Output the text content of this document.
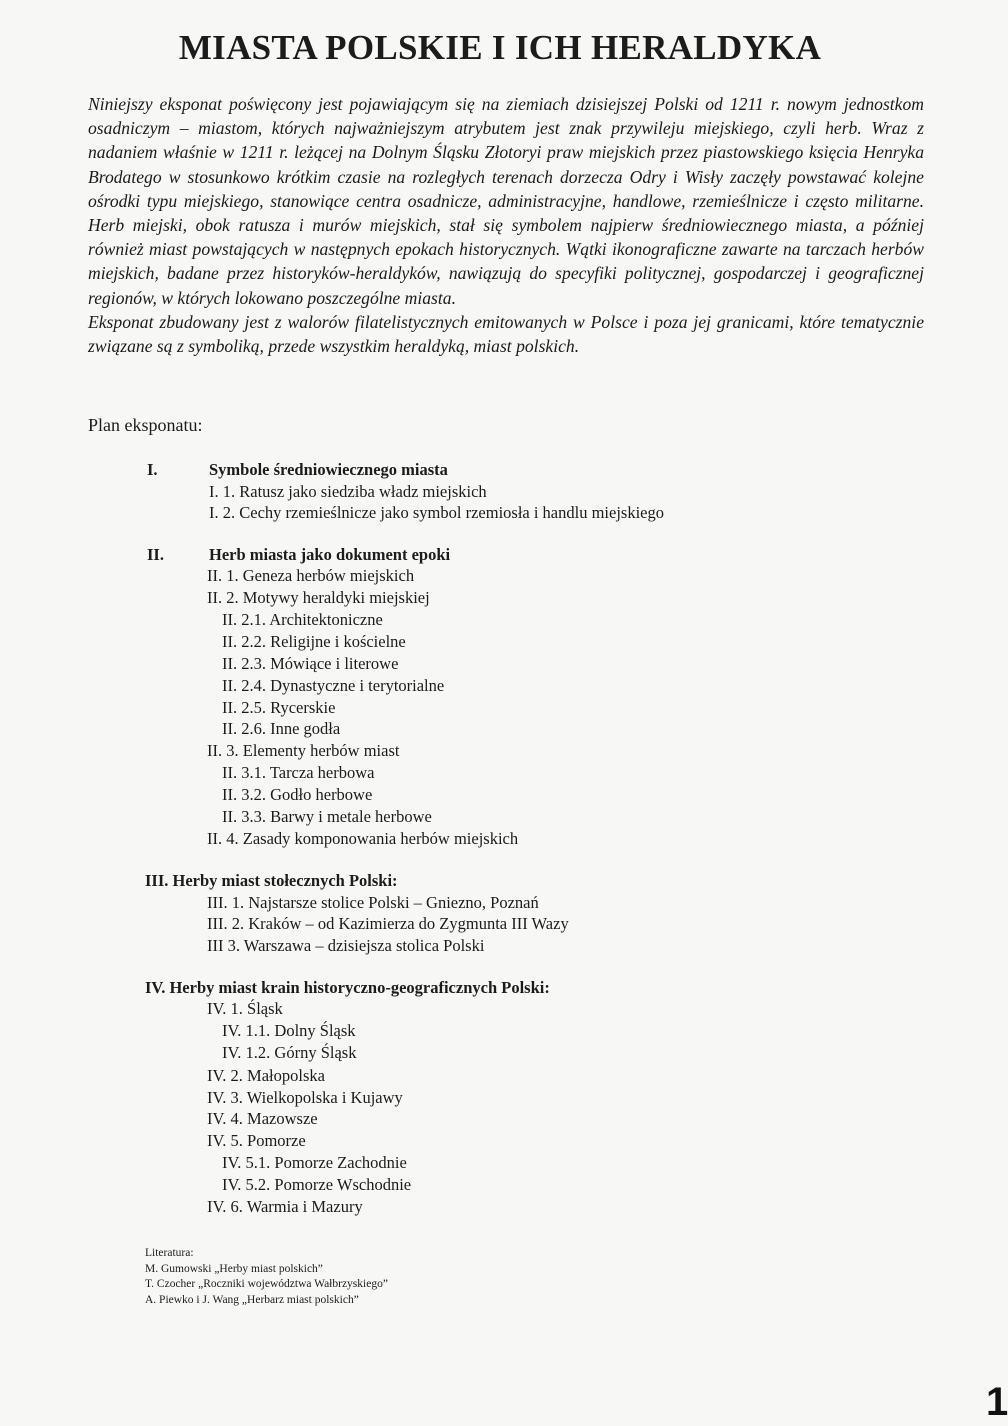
MIASTA POLSKIE I ICH HERALDYKA

Niniejszy eksponat poświęcony jest pojawiającym się na ziemiach dzisiejszej Polski od 1211 r. nowym jednostkom osadniczym – miastom, których najważniejszym atrybutem jest znak przywileju miejskiego, czyli herb. Wraz z nadaniem właśnie w 1211 r. leżącej na Dolnym Śląsku Złotoryi praw miejskich przez piastowskiego księcia Henryka Brodatego w stosunkowo krótkim czasie na rozległych terenach dorzecza Odry i Wisły zaczęły powstawać kolejne ośrodki typu miejskiego, stanowiące centra osadnicze, administracyjne, handlowe, rzemieślnicze i często militarne. Herb miejski, obok ratusza i murów miejskich, stał się symbolem najpierw średniowiecznego miasta, a później również miast powstających w następnych epokach historycznych. Wątki ikonograficzne zawarte na tarczach herbów miejskich, badane przez historyków-heraldyków, nawiązują do specyfiki politycznej, gospodarczej i geograficznej regionów, w których lokowano poszczególne miasta.

Eksponat zbudowany jest z walorów filatelistycznych emitowanych w Polsce i poza jej granicami, które tematycznie związane są z symboliką, przede wszystkim heraldyką, miast polskich.

Plan eksponatu:

I.	Symbole średniowiecznego miasta
I. 1. Ratusz jako siedziba władz miejskich
I. 2. Cechy rzemieślnicze jako symbol rzemiosła i handlu miejskiego
II.	Herb miasta jako dokument epoki
II. 1. Geneza herbów miejskich
II. 2. Motywy heraldyki miejskiej
II. 2.1. Architektoniczne
II. 2.2. Religijne i kościelne
II. 2.3. Mówiące i literowe
II. 2.4. Dynastyczne i terytorialne
II. 2.5. Rycerskie
II. 2.6. Inne godła
II. 3. Elementy herbów miast
II. 3.1. Tarcza herbowa
II. 3.2. Godło herbowe
II. 3.3. Barwy i metale herbowe
II. 4. Zasady komponowania herbów miejskich
III. Herby miast stołecznych Polski:
III. 1. Najstarsze stolice Polski – Gniezno, Poznań
III. 2. Kraków – od Kazimierza do Zygmunta III Wazy
III 3. Warszawa – dzisiejsza stolica Polski
IV. Herby miast krain historyczno-geograficznych Polski:
IV. 1. Śląsk
IV. 1.1. Dolny Śląsk
IV. 1.2. Górny Śląsk
IV. 2. Małopolska
IV. 3. Wielkopolska i Kujawy
IV. 4. Mazowsze
IV. 5. Pomorze
IV. 5.1. Pomorze Zachodnie
IV. 5.2. Pomorze Wschodnie
IV. 6. Warmia i Mazury
Literatura:
M. Gumowski „Herby miast polskich”
T. Czocher „Roczniki województwa Wałbrzyskiego”
A. Piewko i J. Wang „Herbarz miast polskich”
1
